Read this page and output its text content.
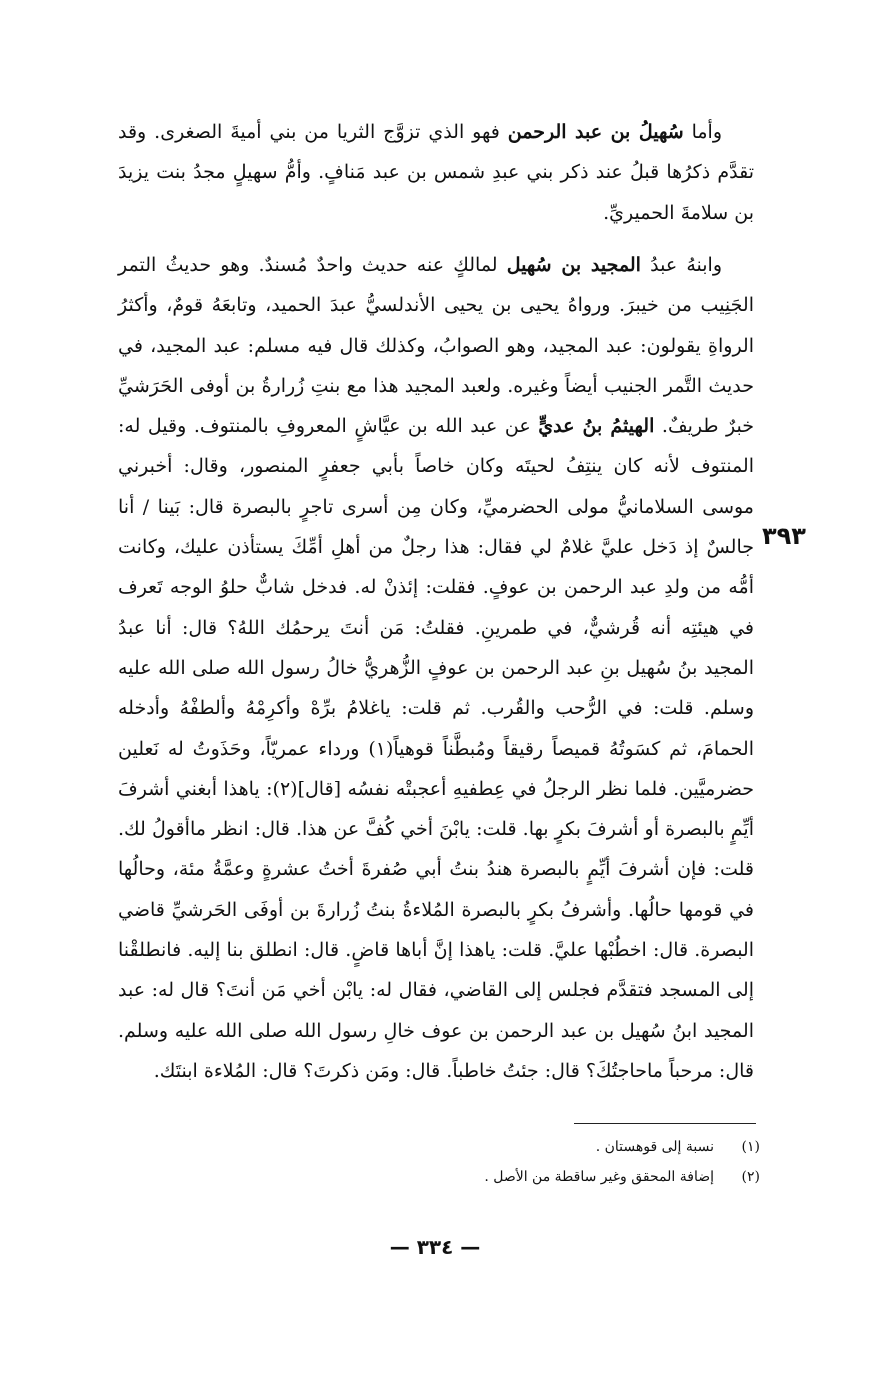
وأما سُهيلُ بن عبد الرحمن فهو الذي تزوَّج الثريا من بني أميةَ الصغرى. وقد تقدَّم ذكرُها قبلُ عند ذكر بني عبدِ شمس بن عبد مَنافٍ. وأمُّ سهيلٍ مجدُ بنت يزيدَ بن سلامةَ الحميريِّ.

وابنهُ عبدُ المجيد بن سُهيل لمالكٍ عنه حديث واحدٌ مُسندٌ. وهو حديثُ التمر الجَنِيب من خيبرَ. ورواهُ يحيى بن يحيى الأندلسيُّ عبدَ الحميد، وتابعَهُ قومٌ، وأكثرُ الرواةِ يقولون: عبد المجيد، وهو الصوابُ، وكذلك قال فيه مسلم: عبد المجيد، في حديث التَّمر الجنيب أيضاً وغيره. ولعبد المجيد هذا مع بنتِ زُرارةُ بن أوفى الحَرَشيِّ خبرٌ طريفٌ. الهيثمُ بنُ عديٍّ عن عبد الله بن عيَّاشٍ المعروفِ بالمنتوف. وقيل له: المنتوف لأنه كان ينتِفُ لحيتَه وكان خاصاً بأبي جعفرٍ المنصور، وقال: أخبرني موسى السلامانيُّ مولى الحضرميِّ، وكان مِن أسرى تاجرٍ بالبصرة قال: بَينا / أنا جالسٌ إذ دَخل عليَّ غلامٌ لي فقال: هذا رجلٌ من أهلِ أمِّكَ يستأذن عليك، وكانت أمُّه من ولدِ عبد الرحمن بن عوفٍ. فقلت: إئذنْ له. فدخل شابٌّ حلوُ الوجه تَعرف في هيئتِه أنه قُرشيٌّ، في طمرينِ. فقلتُ: مَن أنتَ يرحمُك اللهُ؟ قال: أنا عبدُ المجيد بنُ سُهيل بنِ عبد الرحمن بن عوفٍ الزُّهريُّ خالُ رسول الله صلى الله عليه وسلم. قلت: في الرُّحب والقُرب. ثم قلت: ياغلامُ برِّهْ وأكرِمْهُ وألطفْهُ وأدخله الحمامَ، ثم كسَوتُهُ قميصاً رقيقاً ومُبطَّناً قوهياً(١) ورداء عمريّاً، وحَذَوتُ له نَعلين حضرميَّين. فلما نظر الرجلُ في عِطفيهِ أعجبتْه نفسُه [قال](٢): ياهذا أبغني أشرفَ أيِّمٍ بالبصرة أو أشرفَ بكرٍ بها. قلت: يابْنَ أخي كُفَّ عن هذا. قال: انظر ماأقولُ لك. قلت: فإن أشرفَ أيِّمٍ بالبصرة هندُ بنتُ أبي صُفرةَ أختُ عشرةٍ وعمَّةُ مئة، وحالُها في قومها حالُها. وأشرفُ بكرٍ بالبصرة المُلاءةُ بنتُ زُرارةَ بن أوفَى الحَرشيِّ قاضي البصرة. قال: اخطُبْها عليَّ. قلت: ياهذا إنَّ أباها قاضٍ. قال: انطلق بنا إليه. فانطلقْنا إلى المسجد فتقدَّم فجلس إلى القاضي، فقال له: يابْن أخي مَن أنتَ؟ قال له: عبد المجيد ابنُ سُهيل بن عبد الرحمن بن عوف خالِ رسول الله صلى الله عليه وسلم. قال: مرحباً ماحاجتُكَ؟ قال: جئتُ خاطباً. قال: ومَن ذكرتَ؟ قال: المُلاءة ابنتَك.

٣٩٣
(١)
نسبة إلى قوهستان .
(٢)
إضافة المحقق وغير ساقطة من الأصل .
— ٣٣٤ —
